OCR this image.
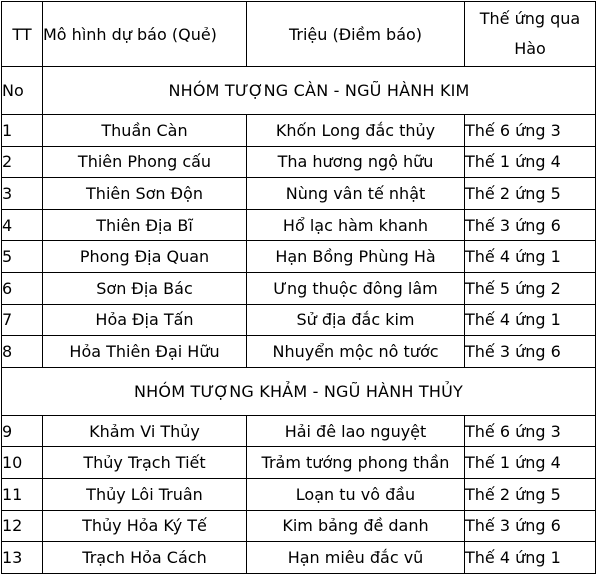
TT	Mô hình dự báo (Quẻ)	Triệu (Điềm báo)	Thế ứng qua
Hào
No	NHÓM TƯỢNG CÀN - NGŨ HÀNH KIM		
1	Thuần Càn	Khốn Long đắc thủy	Thế 6 ứng 3
2	Thiên Phong cấu	Tha hương ngộ hữu	Thế 1 ứng 4
3	Thiên Sơn Độn	Nùng vân tế nhật	Thế 2 ứng 5
4	Thiên Địa Bĩ	Hổ lạc hàm khanh	Thế 3 ứng 6
5	Phong Địa Quan	Hạn Bồng Phùng Hà	Thế 4 ứng 1
6	Sơn Địa Bác	Ưng thuộc đông lâm	Thế 5 ứng 2
7	Hỏa Địa Tấn	Sử địa đắc kim	Thế 4 ứng 1
8	Hỏa Thiên Đại Hữu	Nhuyển mộc nô tước	Thế 3 ứng 6
NHÓM TƯỢNG KHẢM - NGŨ HÀNH THỦY			
9	Khảm Vi Thủy	Hải đê lao nguyệt	Thế 6 ứng 3
10	Thủy Trạch Tiết	Trảm tướng phong thần	Thế 1 ứng 4
11	Thủy Lôi Truân	Loạn tu vô đầu	Thế 2 ứng 5
12	Thủy Hỏa Ký Tế	Kim bảng đề danh	Thế 3 ứng 6
13	Trạch Hỏa Cách	Hạn miêu đắc vũ	Thế 4 ứng 1
